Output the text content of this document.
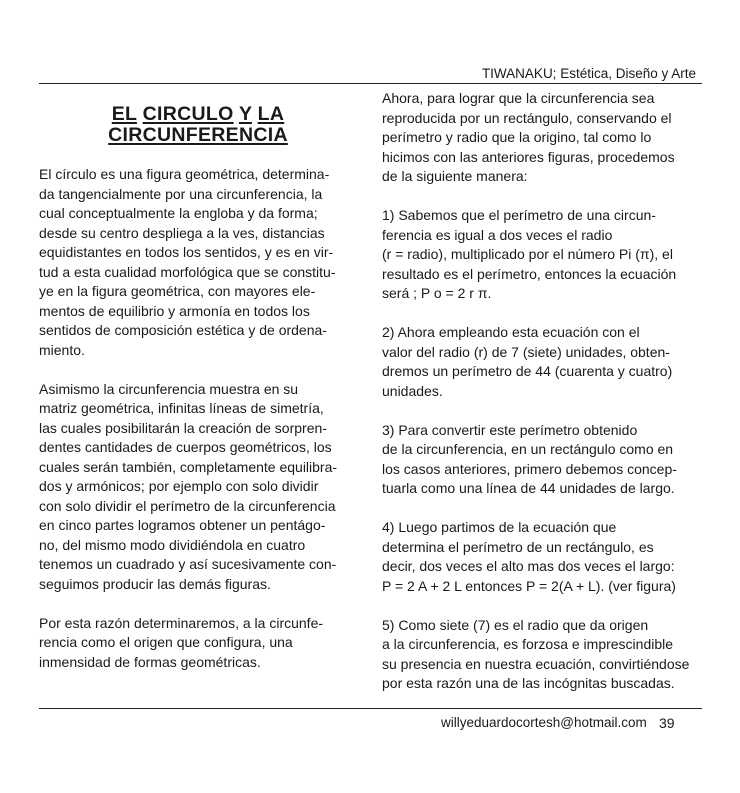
TIWANAKU; Estética, Diseño y Arte
EL CIRCULO Y LA
CIRCUNFERENCIA
El círculo es una figura geométrica, determina-
da tangencialmente por una circunferencia, la
cual conceptualmente la engloba y da forma;
desde su centro despliega a la ves, distancias
equidistantes en todos los sentidos, y es en vir-
tud a esta cualidad morfológica que se constitu-
ye en la figura geométrica, con mayores ele-
mentos de equilibrio y armonía en todos los
sentidos de composición estética y de ordena-
miento.
Asimismo la circunferencia muestra en su
matriz geométrica, infinitas líneas de simetría,
las cuales posibilitarán la creación de sorpren-
dentes cantidades de cuerpos geométricos, los
cuales serán también, completamente equilibra-
dos y armónicos; por ejemplo con solo dividir
con solo dividir el perímetro de la circunferencia
en cinco partes logramos obtener un pentágo-
no, del mismo modo dividiéndola en cuatro
tenemos un cuadrado y así sucesivamente con-
seguimos producir las demás figuras.
Por esta razón determinaremos, a la circunfe-
rencia como el origen que configura, una
inmensidad de formas geométricas.
Ahora, para lograr que la circunferencia sea
reproducida por un rectángulo, conservando el
perímetro y radio que la origino, tal como lo
hicimos con las anteriores figuras, procedemos
de la siguiente manera:
1) Sabemos que el perímetro de una circun-
ferencia es igual a dos veces el radio
(r = radio), multiplicado por el número Pi (π), el
resultado es el perímetro, entonces la ecuación
será ; P o = 2 r π.
2) Ahora empleando esta ecuación con el
valor del radio (r) de 7 (siete) unidades, obten-
dremos un perímetro de 44 (cuarenta y cuatro)
unidades.
3) Para convertir este perímetro obtenido
de la circunferencia, en un rectángulo como en
los casos anteriores, primero debemos concep-
tuarla como una línea de 44 unidades de largo.
4) Luego partimos de la ecuación que
determina el perímetro de un rectángulo, es
decir, dos veces el alto mas dos veces el largo:
P = 2 A + 2 L entonces P = 2(A + L). (ver figura)
5) Como siete (7) es el radio que da origen
a la circunferencia, es forzosa e imprescindible
su presencia en nuestra ecuación, convirtiéndose
por esta razón una de las incógnitas buscadas.
willyeduardocortesh@hotmail.com 39
